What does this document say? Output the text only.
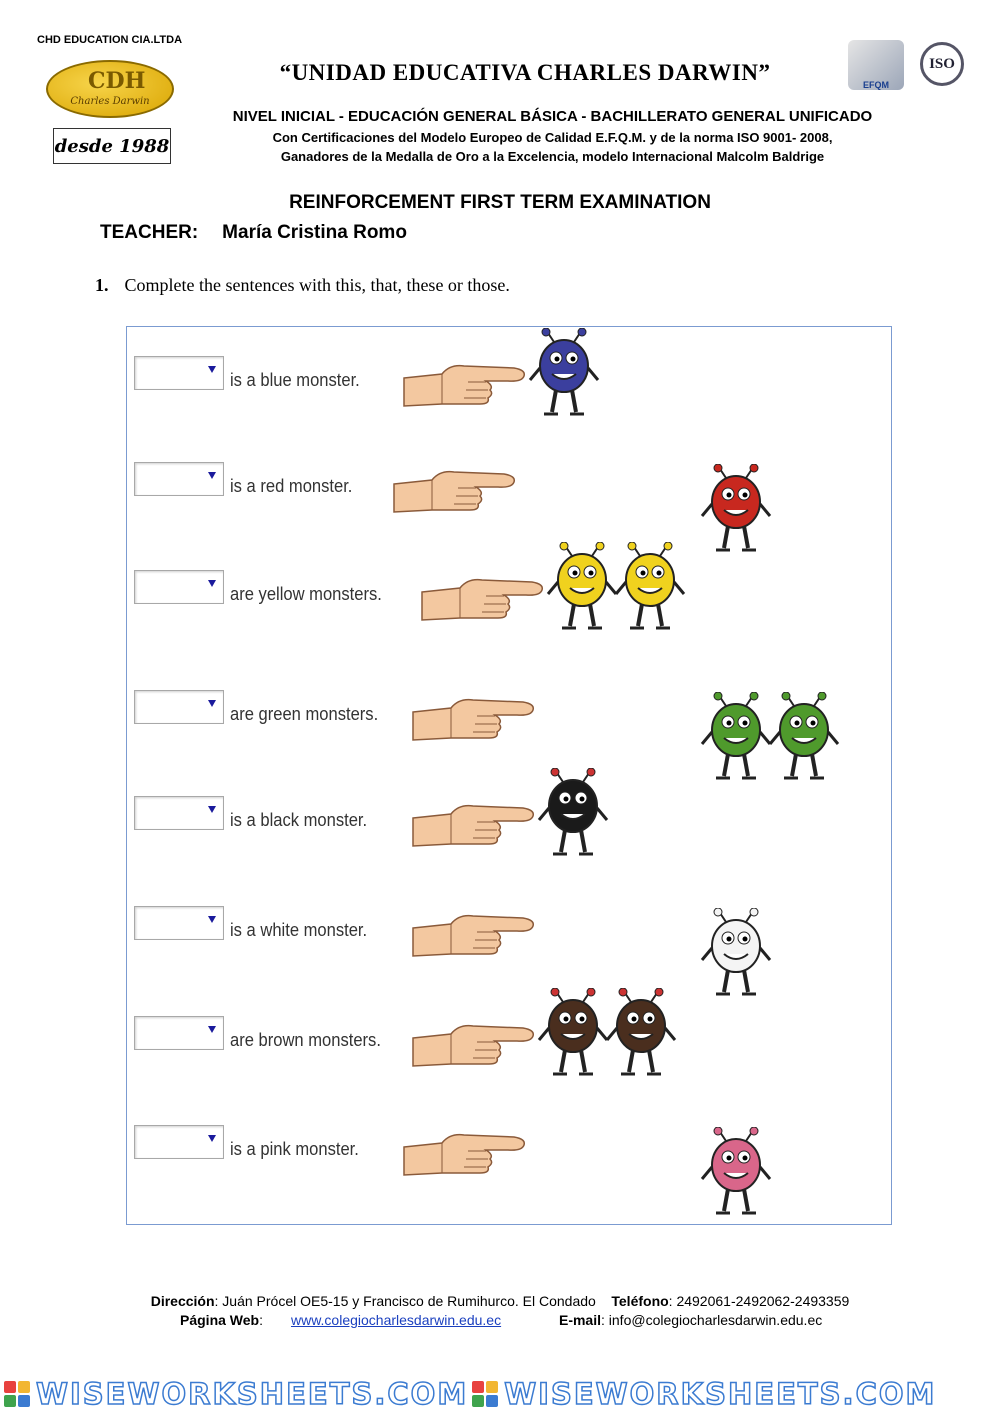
CHD EDUCATION CIA.LTDA
CDH
Charles Darwin
desde 1988
“UNIDAD EDUCATIVA CHARLES DARWIN”	EFQM
ISO
NIVEL INICIAL - EDUCACIÓN GENERAL BÁSICA - BACHILLERATO GENERAL UNIFICADO
Con Certificaciones del Modelo Europeo de Calidad E.F.Q.M. y de la norma ISO 9001- 2008,
Ganadores de la Medalla de Oro a la Excelencia, modelo Internacional Malcolm Baldrige
REINFORCEMENT FIRST TERM EXAMINATION
TEACHER: María Cristina Romo
1. Complete the sentences with this, that, these or those.
is a blue monster.
is a red monster.
are yellow monsters.
are green monsters.
is a black monster.
is a white monster.
are brown monsters.
is a pink monster.
Dirección: Juán Prócel OE5-15 y Francisco de Rumihurco. El Condado Teléfono: 2492061-2492062-2493359
Página Web: www.colegiocharlesdarwin.edu.ec	E-mail: info@colegiocharlesdarwin.edu.ec
WISEWORKSHEETS.COM WISEWORKSHEETS.COM
